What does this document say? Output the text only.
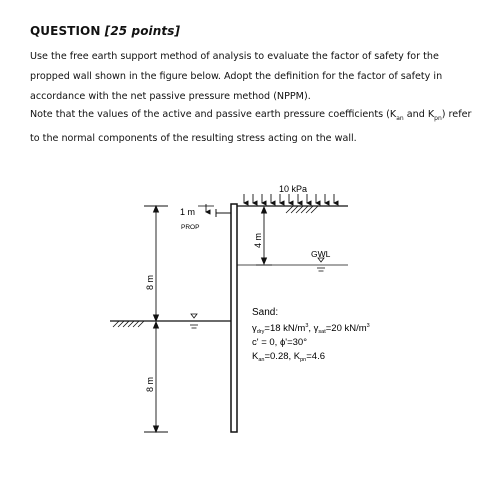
QUESTION [25 points]
Use the free earth support method of analysis to evaluate the factor of safety for the propped wall shown in the figure below. Adopt the definition for the factor of safety in accordance with the net passive pressure method (NPPM).
Note that the values of the active and passive earth pressure coefficients ($K_{an}$ and $K_{pn}$) refer to the normal components of the resulting stress acting on the wall.
10 kPa
1 m
PROP
8 m
8 m
4 m
GWL
Sand:
$\gamma_{dry}=18$ $kN/m^3$, $\gamma_{sat}=20$ $kN/m^3$
c' = 0, ϕ'=30°
$K_{an}=0.28$, $K_{pn}=4.6$
